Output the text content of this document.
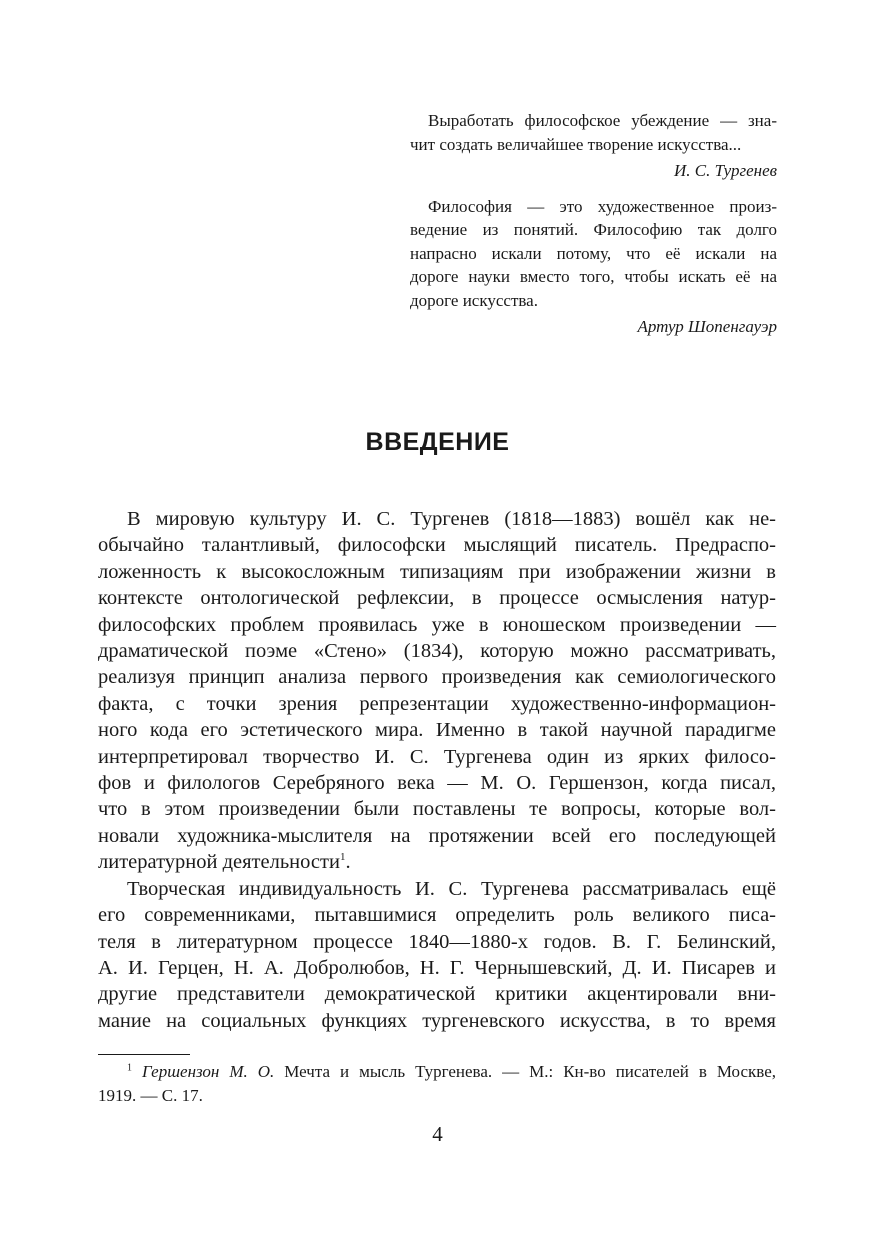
Выработать философское убеждение — зна-
чит создать величайшее творение искусства...
И. С. Тургенев
Философия — это художественное произ-
ведение из понятий. Философию так долго
напрасно искали потому, что её искали на
дороге науки вместо того, чтобы искать её на
дороге искусства.
Артур Шопенгауэр
ВВЕДЕНИЕ
В мировую культуру И. С. Тургенев (1818—1883) вошёл как не-
обычайно талантливый, философски мыслящий писатель. Предраспо-
ложенность к высокосложным типизациям при изображении жизни в
контексте онтологической рефлексии, в процессе осмысления натур-
философских проблем проявилась уже в юношеском произведении —
драматической поэме «Стено» (1834), которую можно рассматривать,
реализуя принцип анализа первого произведения как семиологического
факта, с точки зрения репрезентации художественно-информацион-
ного кода его эстетического мира. Именно в такой научной парадигме
интерпретировал творчество И. С. Тургенева один из ярких филосо-
фов и филологов Серебряного века — М. О. Гершензон, когда писал,
что в этом произведении были поставлены те вопросы, которые вол-
новали художника-мыслителя на протяжении всей его последующей
литературной деятельности$^1$.
Творческая индивидуальность И. С. Тургенева рассматривалась ещё
его современниками, пытавшимися определить роль великого писа-
теля в литературном процессе 1840—1880-х годов. В. Г. Белинский,
А. И. Герцен, Н. А. Добролюбов, Н. Г. Чернышевский, Д. И. Писарев и
другие представители демократической критики акцентировали вни-
мание на социальных функциях тургеневского искусства, в то время
$^1$ Гершензон М. О. Мечта и мысль Тургенева. — М.: Кн-во писателей в Москве,
1919. — С. 17.
4
